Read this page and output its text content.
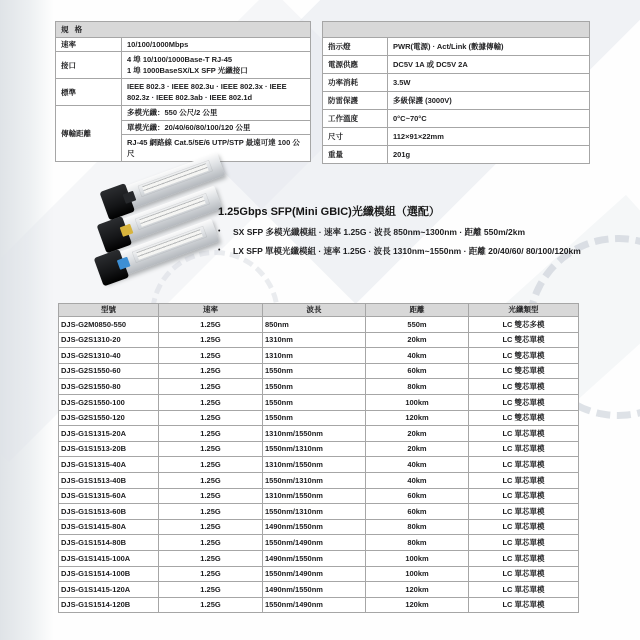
規 格	
速率	10/100/1000Mbps
接口	4 埠 10/100/1000Base-T RJ-45
1 埠 1000BaseSX/LX SFP 光纖接口

標準	IEEE 802.3 · IEEE 802.3u · IEEE 802.3x · IEEE 802.3z · IEEE 802.3ab · IEEE 802.1d
傳輸距離	多模光纖：550 公尺/2 公里
	單模光纖：20/40/60/80/100/120 公里
	RJ-45 網路線 Cat.5/5E/6 UTP/STP 最遠可達 100 公尺

指示燈	PWR(電源) · Act/Link (數據傳輸)
電源供應	DC5V 1A 或 DC5V 2A
功率消耗	3.5W
防雷保護	多級保護 (3000V)
工作溫度	0°C~70°C
尺寸	112×91×22mm
重量	201g
1.25Gbps SFP(Mini GBIC)光纖模組（選配）
•	SX SFP 多模光纖模組 · 速率 1.25G · 波長 850nm~1300nm · 距離 550m/2km
•	LX SFP 單模光纖模組 · 速率 1.25G · 波長 1310nm~1550nm · 距離 20/40/60/ 80/100/120km
型號	速率	波長	距離	光纖類型
DJS-G2M0850-550	1.25G	850nm	550m	LC 雙芯多模
DJS-G2S1310-20	1.25G	1310nm	20km	LC 雙芯單模
DJS-G2S1310-40	1.25G	1310nm	40km	LC 雙芯單模
DJS-G2S1550-60	1.25G	1550nm	60km	LC 雙芯單模
DJS-G2S1550-80	1.25G	1550nm	80km	LC 雙芯單模
DJS-G2S1550-100	1.25G	1550nm	100km	LC 雙芯單模
DJS-G2S1550-120	1.25G	1550nm	120km	LC 雙芯單模
DJS-G1S1315-20A	1.25G	1310nm/1550nm	20km	LC 單芯單模
DJS-G1S1513-20B	1.25G	1550nm/1310nm	20km	LC 單芯單模
DJS-G1S1315-40A	1.25G	1310nm/1550nm	40km	LC 單芯單模
DJS-G1S1513-40B	1.25G	1550nm/1310nm	40km	LC 單芯單模
DJS-G1S1315-60A	1.25G	1310nm/1550nm	60km	LC 單芯單模
DJS-G1S1513-60B	1.25G	1550nm/1310nm	60km	LC 單芯單模
DJS-G1S1415-80A	1.25G	1490nm/1550nm	80km	LC 單芯單模
DJS-G1S1514-80B	1.25G	1550nm/1490nm	80km	LC 單芯單模
DJS-G1S1415-100A	1.25G	1490nm/1550nm	100km	LC 單芯單模
DJS-G1S1514-100B	1.25G	1550nm/1490nm	100km	LC 單芯單模
DJS-G1S1415-120A	1.25G	1490nm/1550nm	120km	LC 單芯單模
DJS-G1S1514-120B	1.25G	1550nm/1490nm	120km	LC 單芯單模
